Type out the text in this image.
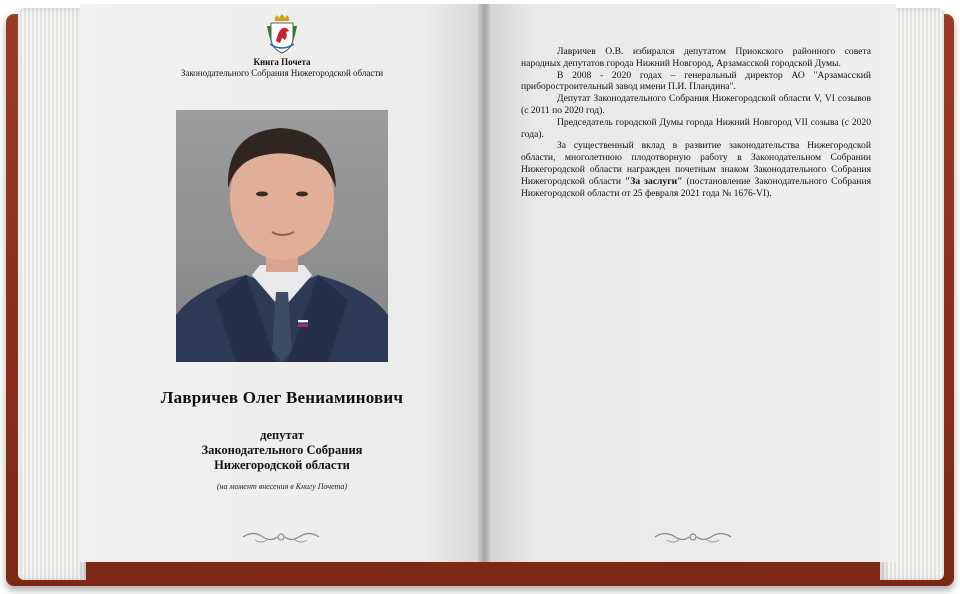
Книга Почета
Законодательного Собрания Нижегородской области
Лавричев Олег Вениаминович
депутат
Законодательного Собрания
Нижегородской области
(на момент внесения в Книгу Почета)

Лавричев О.В. избирался депутатом Приокского районного совета народных депутатов города Нижний Новгород, Арзамасской городской Думы.

В 2008 - 2020 годах – генеральный директор АО "Арзамасский приборостроительный завод имени П.И. Пландина".

Депутат Законодательного Собрания Нижегородской области V, VI созывов (с 2011 по 2020 год).

Председатель городской Думы города Нижний Новгород VII созыва (с 2020 года).

За существенный вклад в развитие законодательства Нижегородской области, многолетнюю плодотворную работу в Законодательном Собрании Нижегородской области награжден почетным знаком Законодательного Собрания Нижегородской области "За заслуги" (постановление Законодательного Собрания Нижегородской области от 25 февраля 2021 года № 1676-VI).
